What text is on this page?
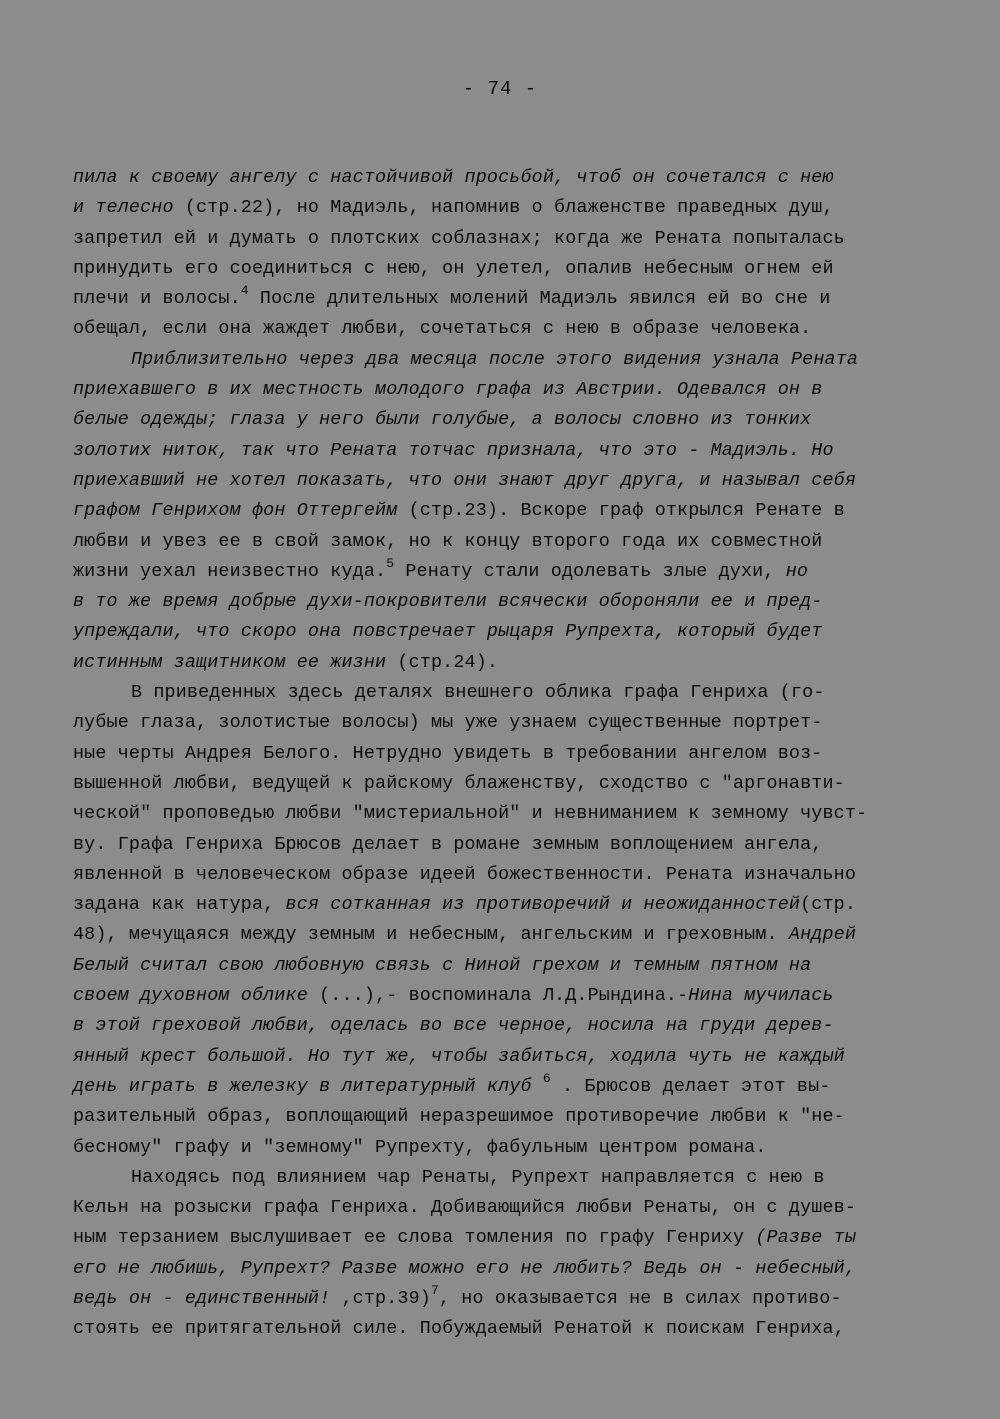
- 74 -
пила к своему ангелу с настойчивой просьбой, чтоб он сочетался с нею
и телесно (стр.22), но Мадиэль, напомнив о блаженстве праведных душ,
запретил ей и думать о плотских соблазнах; когда же Рената попыталась
принудить его соединиться с нею, он улетел, опалив небесным огнем ей
плечи и волосы.$^4$ После длительных молений Мадиэль явился ей во сне и
обещал, если она жаждет любви, сочетаться с нею в образе человека.
Приблизительно через два месяца после этого видения узнала Рената
приехавшего в их местность молодого графа из Австрии. Одевался он в
белые одежды; глаза у него были голубые, а волосы словно из тонких
золотих ниток, так что Рената тотчас признала, что это - Мадиэль. Но
приехавший не хотел показать, что они знают друг друга, и называл себя
графом Генрихом фон Оттергейм (стр.23). Вскоре граф открылся Ренате в
любви и увез ее в свой замок, но к концу второго года их совместной
жизни уехал неизвестно куда.$^5$ Ренату стали одолевать злые духи, но
в то же время добрые духи-покровители всячески обороняли ее и пред-
упреждали, что скоро она повстречает рыцаря Рупрехта, который будет
истинным защитником ее жизни (стр.24).
В приведенных здесь деталях внешнего облика графа Генриха (го-
лубые глаза, золотистые волосы) мы уже узнаем существенные портрет-
ные черты Андрея Белого. Нетрудно увидеть в требовании ангелом воз-
вышенной любви, ведущей к райскому блаженству, сходство с "аргонавти-
ческой" проповедью любви "мистериальной" и невниманием к земному чувст-
ву. Графа Генриха Брюсов делает в романе земным воплощением ангела,
явленной в человеческом образе идеей божественности. Рената изначально
задана как натура, вся сотканная из противоречий и неожиданностей(стр.
48), мечущаяся между земным и небесным, ангельским и греховным. Андрей
Белый считал свою любовную связь с Ниной грехом и темным пятном на
своем духовном облике (...),- воспоминала Л.Д.Рындина.-Нина мучилась
в этой греховой любви, оделась во все черное, носила на груди дерев-
янный крест большой. Но тут же, чтобы забиться, ходила чуть не каждый
день играть в железку в литературный клуб $^6$ . Брюсов делает этот вы-
разительный образ, воплощающий неразрешимое противоречие любви к "не-
бесному" графу и "земному" Рупрехту, фабульным центром романа.
Находясь под влиянием чар Ренаты, Рупрехт направляется с нею в
Кельн на розыски графа Генриха. Добивающийся любви Ренаты, он с душев-
ным терзанием выслушивает ее слова томления по графу Генриху (Разве ты
его не любишь, Рупрехт? Разве можно его не любить? Ведь он - небесный,
ведь он - единственный! ,стр.39)$^7$, но оказывается не в силах противо-
стоять ее притягательной силе. Побуждаемый Ренатой к поискам Генриха,
